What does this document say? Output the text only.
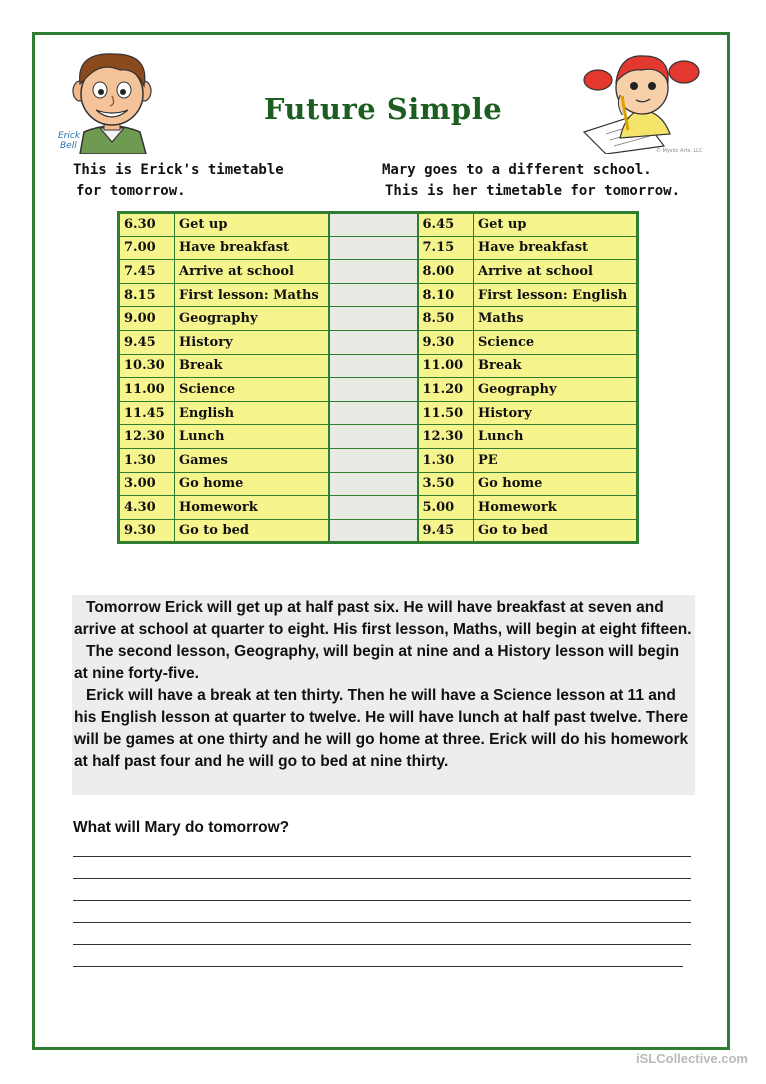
Erick
Bell	© Mystic Arts, LLC
Future Simple
This is Erick's timetable
for tomorrow.
Mary goes to a different school.
This is her timetable for tomorrow.
6.30	Get up		6.45	Get up
7.00	Have breakfast		7.15	Have breakfast
7.45	Arrive at school		8.00	Arrive at school
8.15	First lesson: Maths		8.10	First lesson: English
9.00	Geography		8.50	Maths
9.45	History		9.30	Science
10.30	Break		11.00	Break
11.00	Science		11.20	Geography
11.45	English		11.50	History
12.30	Lunch		12.30	Lunch
1.30	Games		1.30	PE
3.00	Go home		3.50	Go home
4.30	Homework		5.00	Homework
9.30	Go to bed		9.45	Go to bed

Tomorrow Erick will get up at half past six. He will have breakfast at seven and arrive at school at quarter to eight. His first lesson, Maths, will begin at eight fifteen.

The second lesson, Geography, will begin at nine and a History lesson will begin at nine forty-five.

Erick will have a break at ten thirty. Then he will have a Science lesson at 11 and his English lesson at quarter to twelve. He will have lunch at half past twelve. There will be games at one thirty and he will go home at three. Erick will do his homework at half past four and he will go to bed at nine thirty.

What will Mary do tomorrow?
iSLCollective.com
